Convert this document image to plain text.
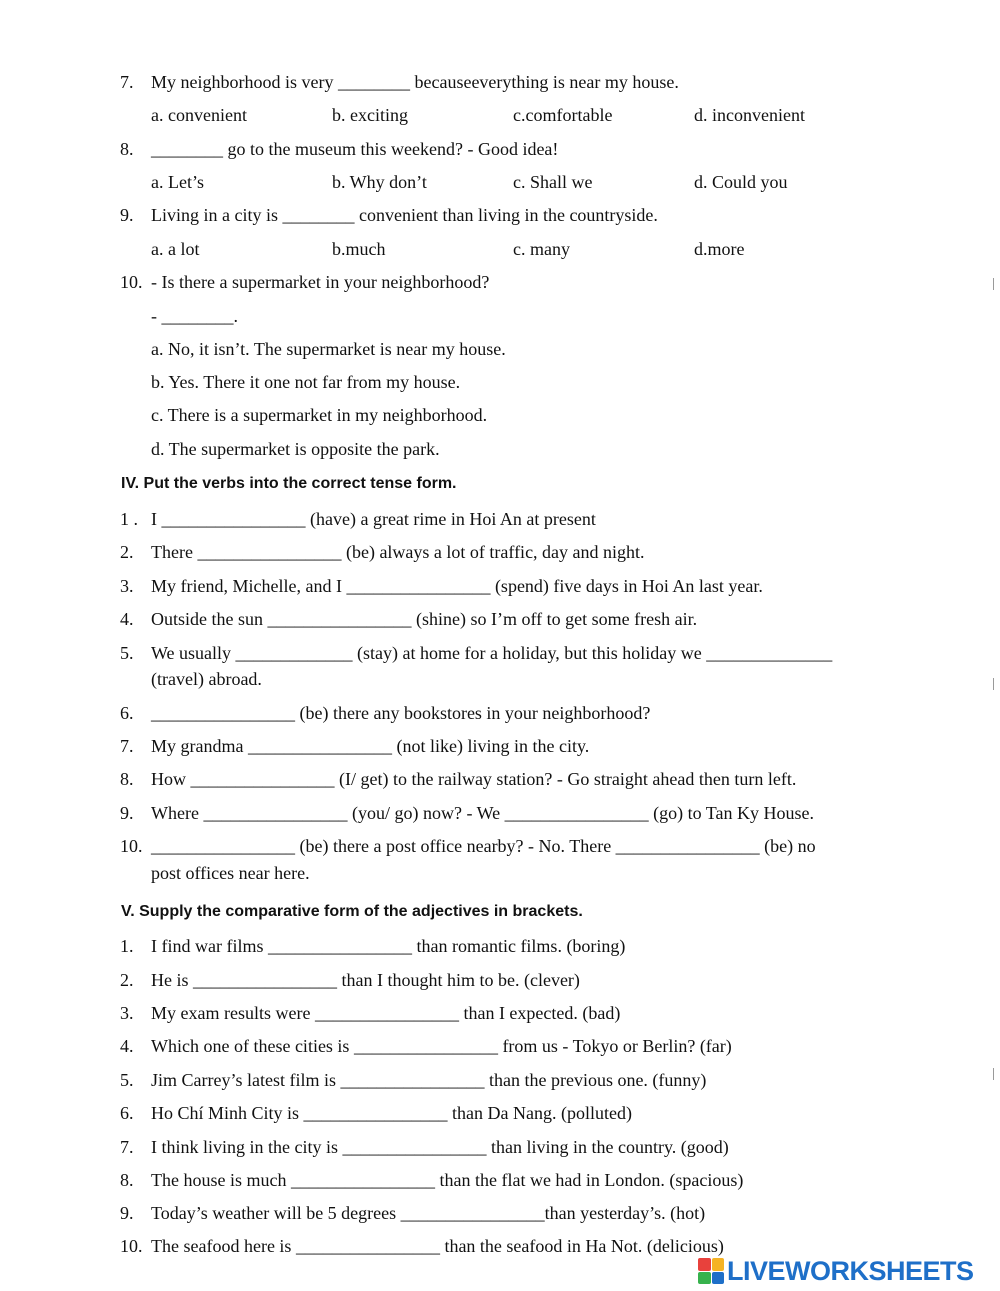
7. My neighborhood is very ________ becauseeverything is near my house.
a. convenient	b. exciting	c.comfortable	d. inconvenient
8. ________ go to the museum this weekend? - Good idea!
a. Let’s	b. Why don’t	c. Shall we	d. Could you
9. Living in a city is ________ convenient than living in the countryside.
a. a lot	b.much	c. many	d.more
10. - Is there a supermarket in your neighborhood?
- ________.
a. No, it isn’t. The supermarket is near my house.
b. Yes. There it one not far from my house.
c. There is a supermarket in my neighborhood.
d. The supermarket is opposite the park.
IV. Put the verbs into the correct tense form.
1 . I ________________ (have) a great rime in Hoi An at present
2. There ________________ (be) always a lot of traffic, day and night.
3. My friend, Michelle, and I ________________ (spend) five days in Hoi An last year.
4. Outside the sun ________________ (shine) so I’m off to get some fresh air.
5. We usually _____________ (stay) at home for a holiday, but this holiday we ______________
(travel) abroad.
6. ________________ (be) there any bookstores in your neighborhood?
7. My grandma ________________ (not like) living in the city.
8. How ________________ (I/ get) to the railway station? - Go straight ahead then turn left.
9. Where ________________ (you/ go) now? - We ________________ (go) to Tan Ky House.
10. ________________ (be) there a post office nearby? - No. There ________________ (be) no
post offices near here.
V. Supply the comparative form of the adjectives in brackets.
1. I find war films ________________ than romantic films. (boring)
2. He is ________________ than I thought him to be. (clever)
3. My exam results were ________________ than I expected. (bad)
4. Which one of these cities is ________________ from us - Tokyo or Berlin? (far)
5. Jim Carrey’s latest film is ________________ than the previous one. (funny)
6. Ho Chí Minh City is ________________ than Da Nang. (polluted)
7. I think living in the city is ________________ than living in the country. (good)
8. The house is much ________________ than the flat we had in London. (spacious)
9. Today’s weather will be 5 degrees ________________than yesterday’s. (hot)
10. The seafood here is ________________ than the seafood in Ha Not. (delicious)
LIVEWORKSHEETS
